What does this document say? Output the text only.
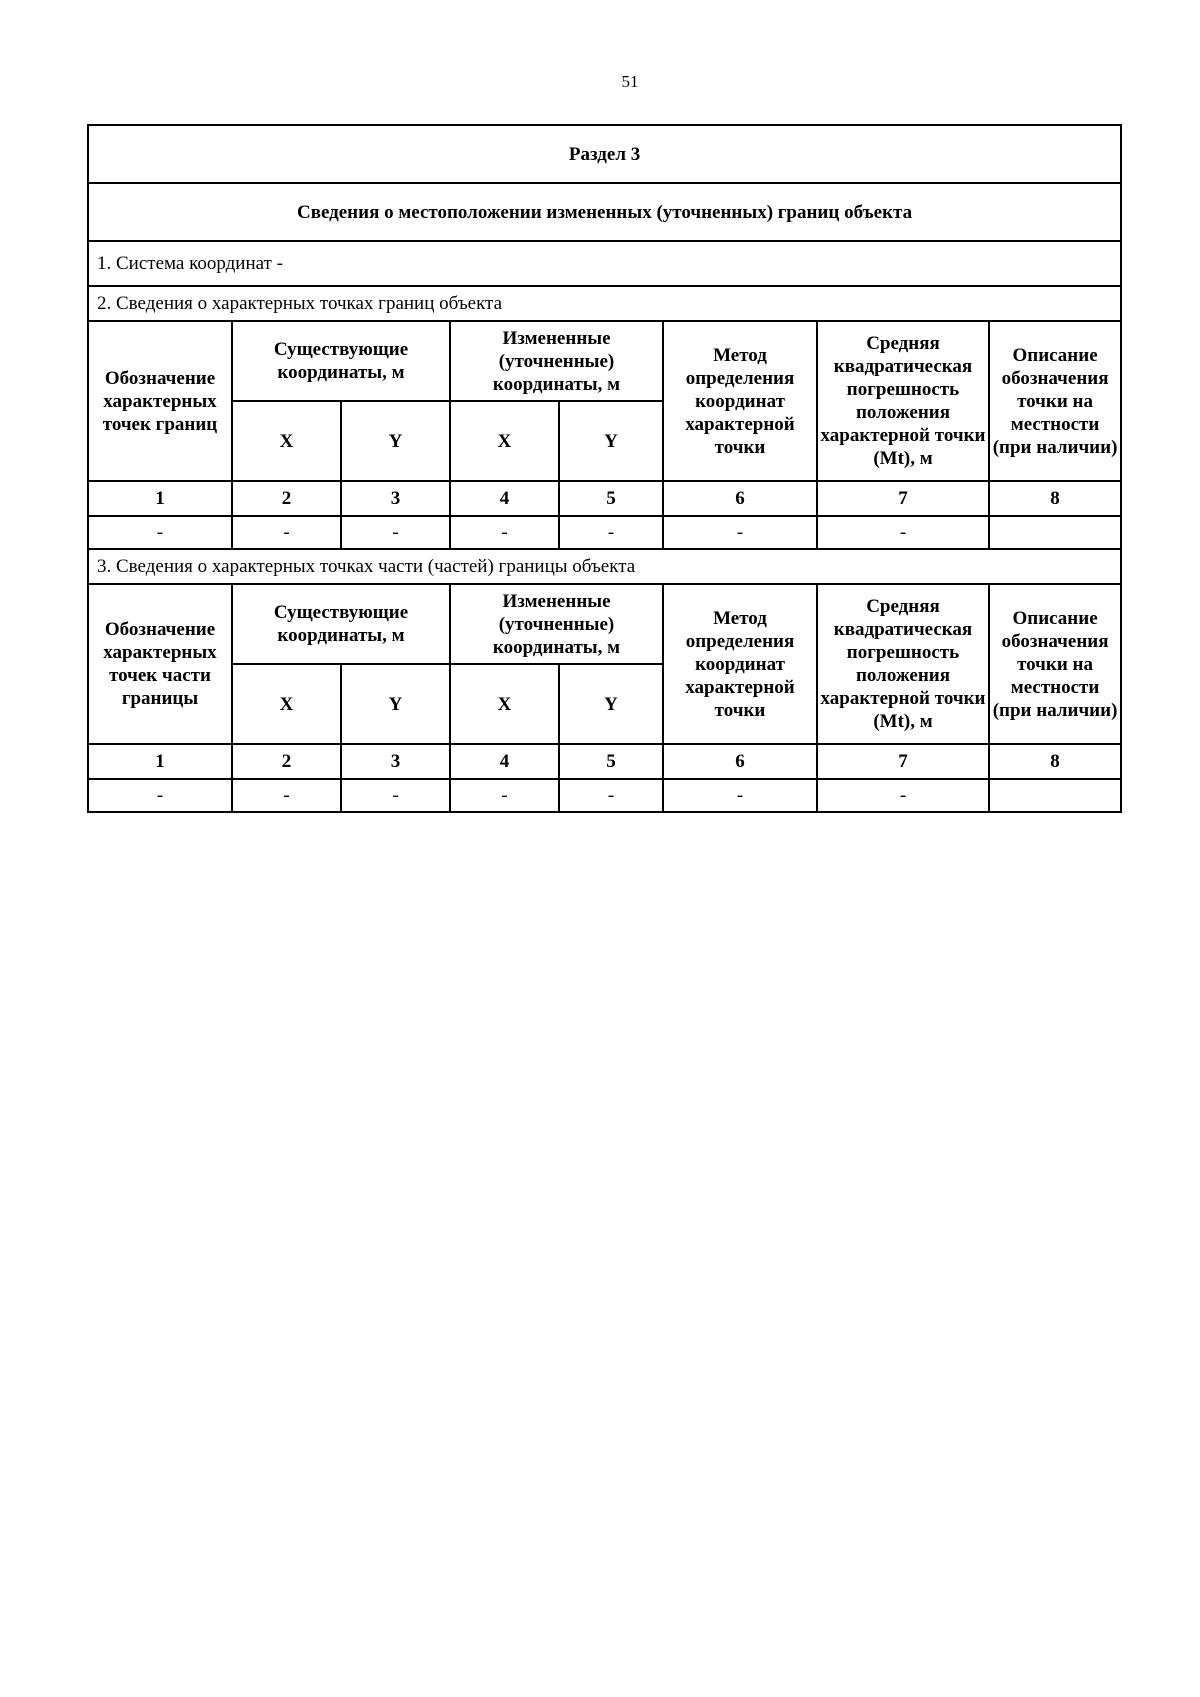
51
Раздел 3							
Сведения о местоположении измененных (уточненных) границ объекта							
1. Система координат -							
2. Сведения о характерных точках границ объекта							
Обозначение характерных точек границ	Существующие координаты, м		Измененные (уточненные) координаты, м		Метод определения координат характерной точки	Средняя квадратическая погрешность положения характерной точки (Mt), м	Описание обозначения точки на местности (при наличии)
	X	Y	X	Y			
1	2	3	4	5	6	7	8
-	-	-	-	-	-	-	
3. Сведения о характерных точках части (частей) границы объекта							
Обозначение характерных точек части границы	Существующие координаты, м		Измененные (уточненные) координаты, м		Метод определения координат характерной точки	Средняя квадратическая погрешность положения характерной точки (Mt), м	Описание обозначения точки на местности (при наличии)
	X	Y	X	Y			
1	2	3	4	5	6	7	8
-	-	-	-	-	-	-	
